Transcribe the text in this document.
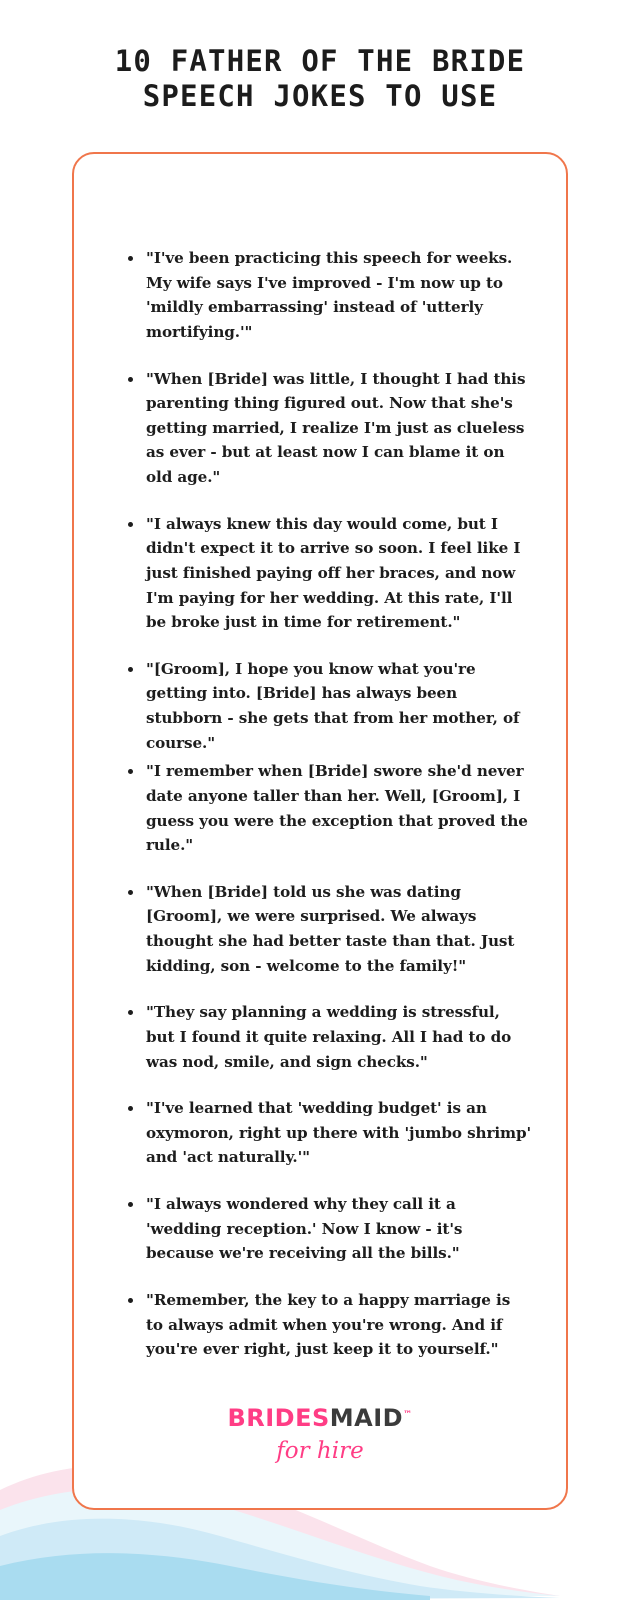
10 FATHER OF THE BRIDE SPEECH JOKES TO USE
"I've been practicing this speech for weeks. My wife says I've improved - I'm now up to 'mildly embarrassing' instead of 'utterly mortifying.'"
"When [Bride] was little, I thought I had this parenting thing figured out. Now that she's getting married, I realize I'm just as clueless as ever - but at least now I can blame it on old age."
"I always knew this day would come, but I didn't expect it to arrive so soon. I feel like I just finished paying off her braces, and now I'm paying for her wedding. At this rate, I'll be broke just in time for retirement."
"[Groom], I hope you know what you're getting into. [Bride] has always been stubborn - she gets that from her mother, of course."
"I remember when [Bride] swore she'd never date anyone taller than her. Well, [Groom], I guess you were the exception that proved the rule."
"When [Bride] told us she was dating [Groom], we were surprised. We always thought she had better taste than that. Just kidding, son - welcome to the family!"
"They say planning a wedding is stressful, but I found it quite relaxing. All I had to do was nod, smile, and sign checks."
"I've learned that 'wedding budget' is an oxymoron, right up there with 'jumbo shrimp' and 'act naturally.'"
"I always wondered why they call it a 'wedding reception.' Now I know - it's because we're receiving all the bills."
"Remember, the key to a happy marriage is to always admit when you're wrong. And if you're ever right, just keep it to yourself."
BRIDESMAID™
for hire
